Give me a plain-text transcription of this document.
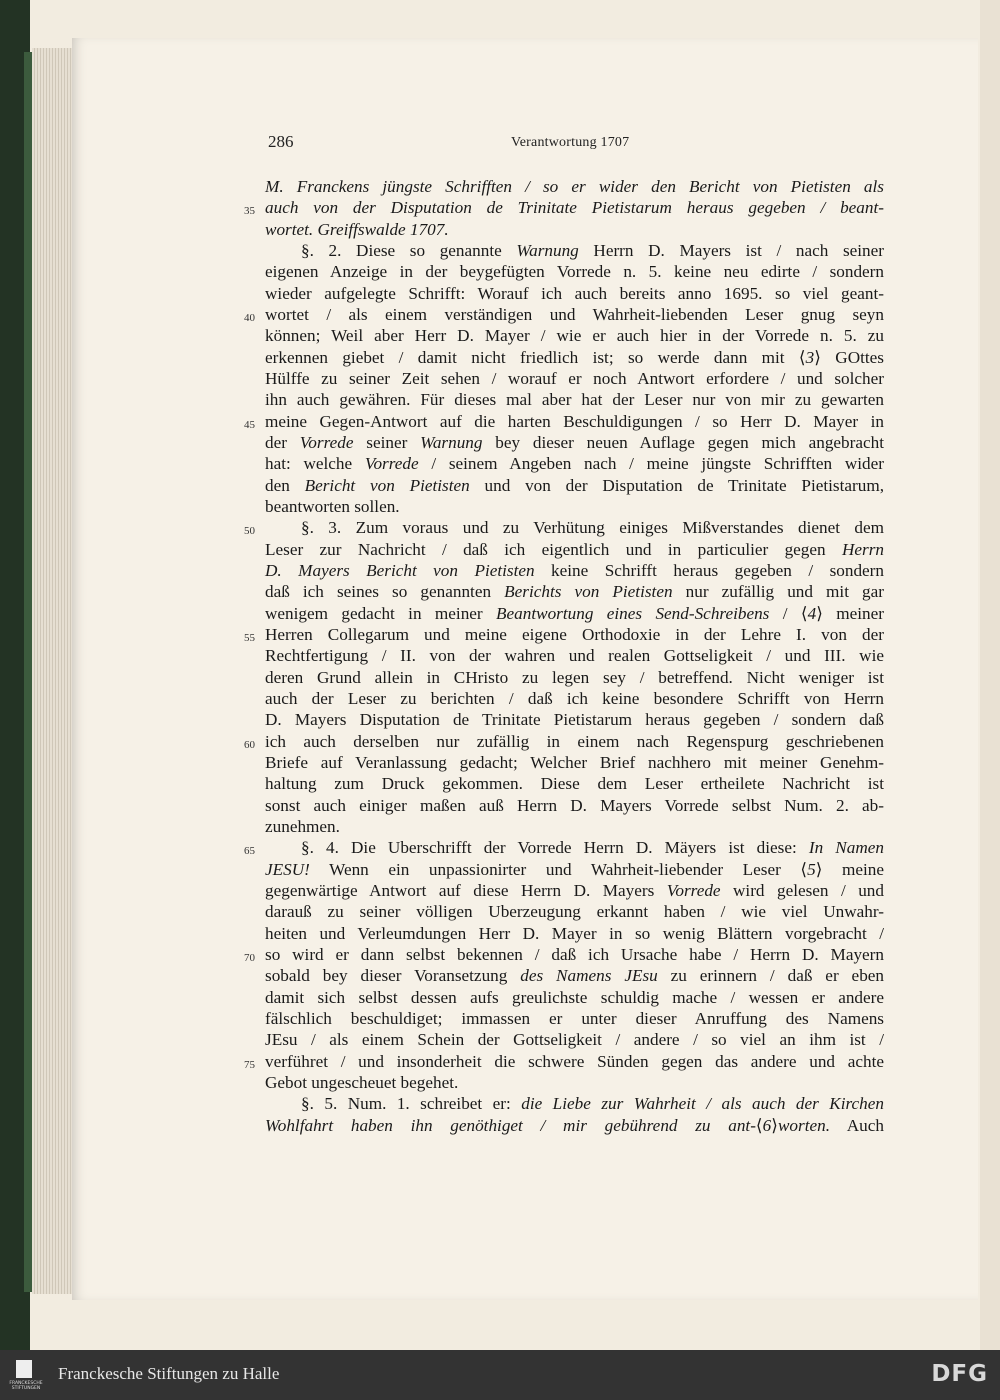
286	Verantwortung 1707
M. Franckens jüngste Schrifften / so er wider den Bericht von Pietisten als
auch von der Disputation de Trinitate Pietistarum heraus gegeben / beant-
wortet. Greiffswalde 1707.
§. 2. Diese so genannte Warnung Herrn D. Mayers ist / nach seiner
eigenen Anzeige in der beygefügten Vorrede n. 5. keine neu edirte / sondern
wieder aufgelegte Schrifft: Worauf ich auch bereits anno 1695. so viel geant-
wortet / als einem verständigen und Wahrheit-liebenden Leser gnug seyn
können; Weil aber Herr D. Mayer / wie er auch hier in der Vorrede n. 5. zu
erkennen giebet / damit nicht friedlich ist; so werde dann mit ⟨3⟩ GOttes
Hülffe zu seiner Zeit sehen / worauf er noch Antwort erfordere / und solcher
ihn auch gewähren. Für dieses mal aber hat der Leser nur von mir zu gewarten
meine Gegen-Antwort auf die harten Beschuldigungen / so Herr D. Mayer in
der Vorrede seiner Warnung bey dieser neuen Auflage gegen mich angebracht
hat: welche Vorrede / seinem Angeben nach / meine jüngste Schrifften wider
den Bericht von Pietisten und von der Disputation de Trinitate Pietistarum,
beantworten sollen.
§. 3. Zum voraus und zu Verhütung einiges Mißverstandes dienet dem
Leser zur Nachricht / daß ich eigentlich und in particulier gegen Herrn
D. Mayers Bericht von Pietisten keine Schrifft heraus gegeben / sondern
daß ich seines so genannten Berichts von Pietisten nur zufällig und mit gar
wenigem gedacht in meiner Beantwortung eines Send-Schreibens / ⟨4⟩ meiner
Herren Collegarum und meine eigene Orthodoxie in der Lehre I. von der
Rechtfertigung / II. von der wahren und realen Gottseligkeit / und III. wie
deren Grund allein in CHristo zu legen sey / betreffend. Nicht weniger ist
auch der Leser zu berichten / daß ich keine besondere Schrifft von Herrn
D. Mayers Disputation de Trinitate Pietistarum heraus gegeben / sondern daß
ich auch derselben nur zufällig in einem nach Regenspurg geschriebenen
Briefe auf Veranlassung gedacht; Welcher Brief nachhero mit meiner Genehm-
haltung zum Druck gekommen. Diese dem Leser ertheilete Nachricht ist
sonst auch einiger maßen auß Herrn D. Mayers Vorrede selbst Num. 2. ab-
zunehmen.
§. 4. Die Uberschrifft der Vorrede Herrn D. Mäyers ist diese: In Namen
JESU! Wenn ein unpassionirter und Wahrheit-liebender Leser ⟨5⟩ meine
gegenwärtige Antwort auf diese Herrn D. Mayers Vorrede wird gelesen / und
darauß zu seiner völligen Uberzeugung erkannt haben / wie viel Unwahr-
heiten und Verleumdungen Herr D. Mayer in so wenig Blättern vorgebracht /
so wird er dann selbst bekennen / daß ich Ursache habe / Herrn D. Mayern
sobald bey dieser Voransetzung des Namens JEsu zu erinnern / daß er eben
damit sich selbst dessen aufs greulichste schuldig mache / wessen er andere
fälschlich beschuldiget; immassen er unter dieser Anruffung des Namens
JEsu / als einem Schein der Gottseligkeit / andere / so viel an ihm ist /
verführet / und insonderheit die schwere Sünden gegen das andere und achte
Gebot ungescheuet begehet.
§. 5. Num. 1. schreibet er: die Liebe zur Wahrheit / als auch der Kirchen
Wohlfahrt haben ihn genöthiget / mir gebührend zu ant-⟨6⟩worten. Auch
35
40
45
50
55
60
65
70
75
FRANCKESCHE STIFTUNGEN
Franckesche Stiftungen zu Halle	DFG
